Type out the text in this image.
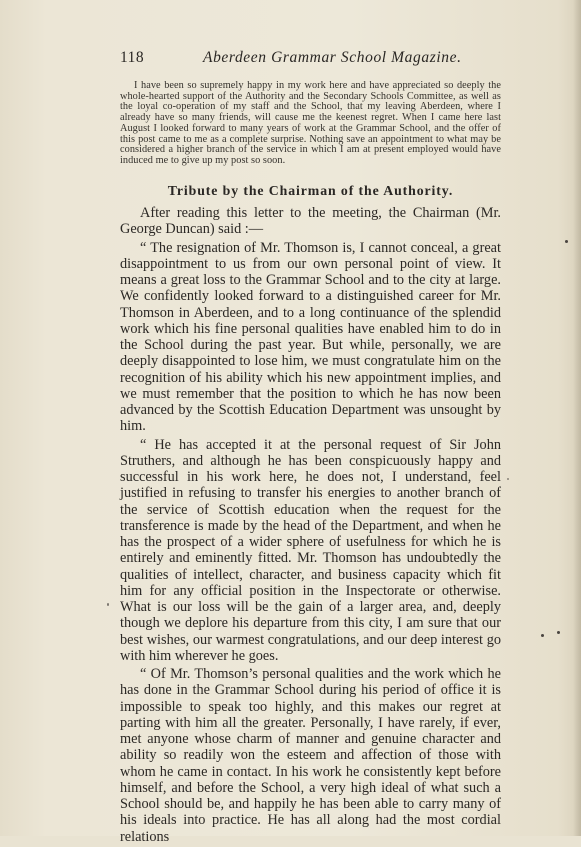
118	Aberdeen Grammar School Magazine.

I have been so supremely happy in my work here and have appreciated so deeply the whole-hearted support of the Authority and the Secondary Schools Committee, as well as the loyal co-operation of my staff and the School, that my leaving Aberdeen, where I already have so many friends, will cause me the keenest regret. When I came here last August I looked forward to many years of work at the Grammar School, and the offer of this post came to me as a complete surprise. Nothing save an appointment to what may be considered a higher branch of the service in which I am at present employed would have induced me to give up my post so soon.

Tribute by the Chairman of the Authority.

After reading this letter to the meeting, the Chairman (Mr. George Duncan) said :—

“ The resignation of Mr. Thomson is, I cannot conceal, a great disappointment to us from our own personal point of view. It means a great loss to the Grammar School and to the city at large. We confidently looked forward to a distinguished career for Mr. Thomson in Aberdeen, and to a long continuance of the splendid work which his fine personal qualities have enabled him to do in the School during the past year. But while, personally, we are deeply disappointed to lose him, we must congratulate him on the recognition of his ability which his new appointment implies, and we must remember that the position to which he has now been advanced by the Scottish Education Department was unsought by him.

“ He has accepted it at the personal request of Sir John Struthers, and although he has been conspicuously happy and successful in his work here, he does not, I understand, feel justified in refusing to transfer his energies to another branch of the service of Scottish education when the request for the transference is made by the head of the Department, and when he has the prospect of a wider sphere of usefulness for which he is entirely and eminently fitted. Mr. Thomson has undoubtedly the qualities of intellect, character, and business capacity which fit him for any official position in the Inspectorate or otherwise. What is our loss will be the gain of a larger area, and, deeply though we deplore his departure from this city, I am sure that our best wishes, our warmest congratulations, and our deep interest go with him wherever he goes.

“ Of Mr. Thomson’s personal qualities and the work which he has done in the Grammar School during his period of office it is impossible to speak too highly, and this makes our regret at parting with him all the greater. Personally, I have rarely, if ever, met anyone whose charm of manner and genuine character and ability so readily won the esteem and affection of those with whom he came in contact. In his work he consistently kept before himself, and before the School, a very high ideal of what such a School should be, and happily he has been able to carry many of his ideals into practice. He has all along had the most cordial relations
